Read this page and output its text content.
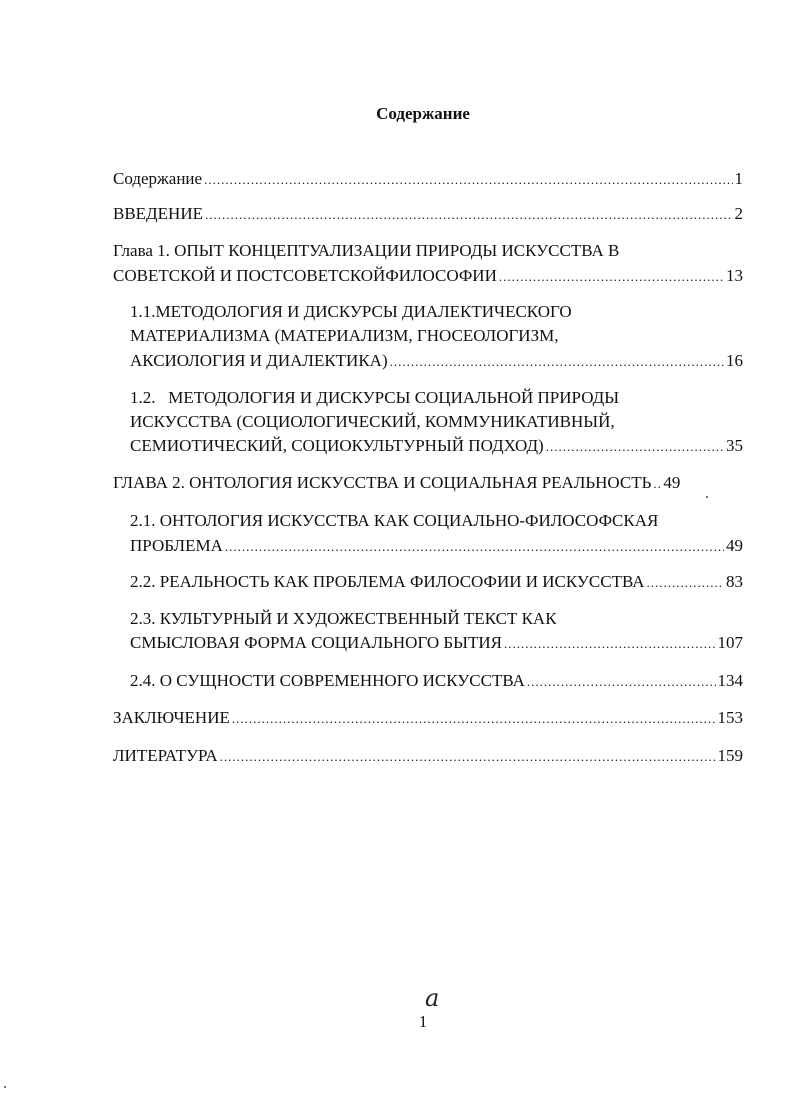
Содержание
Содержание .....	1
ВВЕДЕНИЕ .....	2
Глава 1. ОПЫТ КОНЦЕПТУАЛИЗАЦИИ ПРИРОДЫ ИСКУССТВА В
СОВЕТСКОЙ И ПОСТСОВЕТСКОЙФИЛОСОФИИ .....	13
1.1.МЕТОДОЛОГИЯ И ДИСКУРСЫ ДИАЛЕКТИЧЕСКОГО
МАТЕРИАЛИЗМА (МАТЕРИАЛИЗМ, ГНОСЕОЛОГИЗМ,
АКСИОЛОГИЯ И ДИАЛЕКТИКА) .....	16
1.2.   МЕТОДОЛОГИЯ И ДИСКУРСЫ СОЦИАЛЬНОЙ ПРИРОДЫ
ИСКУССТВА (СОЦИОЛОГИЧЕСКИЙ, КОММУНИКАТИВНЫЙ,
СЕМИОТИЧЕСКИЙ, СОЦИОКУЛЬТУРНЫЙ ПОДХОД) .....	35
ГЛАВА 2. ОНТОЛОГИЯ ИСКУССТВА И СОЦИАЛЬНАЯ РЕАЛЬНОСТЬ ..... 49
2.1. ОНТОЛОГИЯ ИСКУССТВА КАК СОЦИАЛЬНО-ФИЛОСОФСКАЯ
ПРОБЛЕМА .....	49
2.2. РЕАЛЬНОСТЬ КАК ПРОБЛЕМА ФИЛОСОФИИ И ИСКУССТВА .....	83
2.3. КУЛЬТУРНЫЙ И ХУДОЖЕСТВЕННЫЙ ТЕКСТ КАК
СМЫСЛОВАЯ ФОРМА СОЦИАЛЬНОГО БЫТИЯ .....	107
2.4. О СУЩНОСТИ СОВРЕМЕННОГО ИСКУССТВА .....	134
ЗАКЛЮЧЕНИЕ .....	153
ЛИТЕРАТУРА .....	159
a
1
